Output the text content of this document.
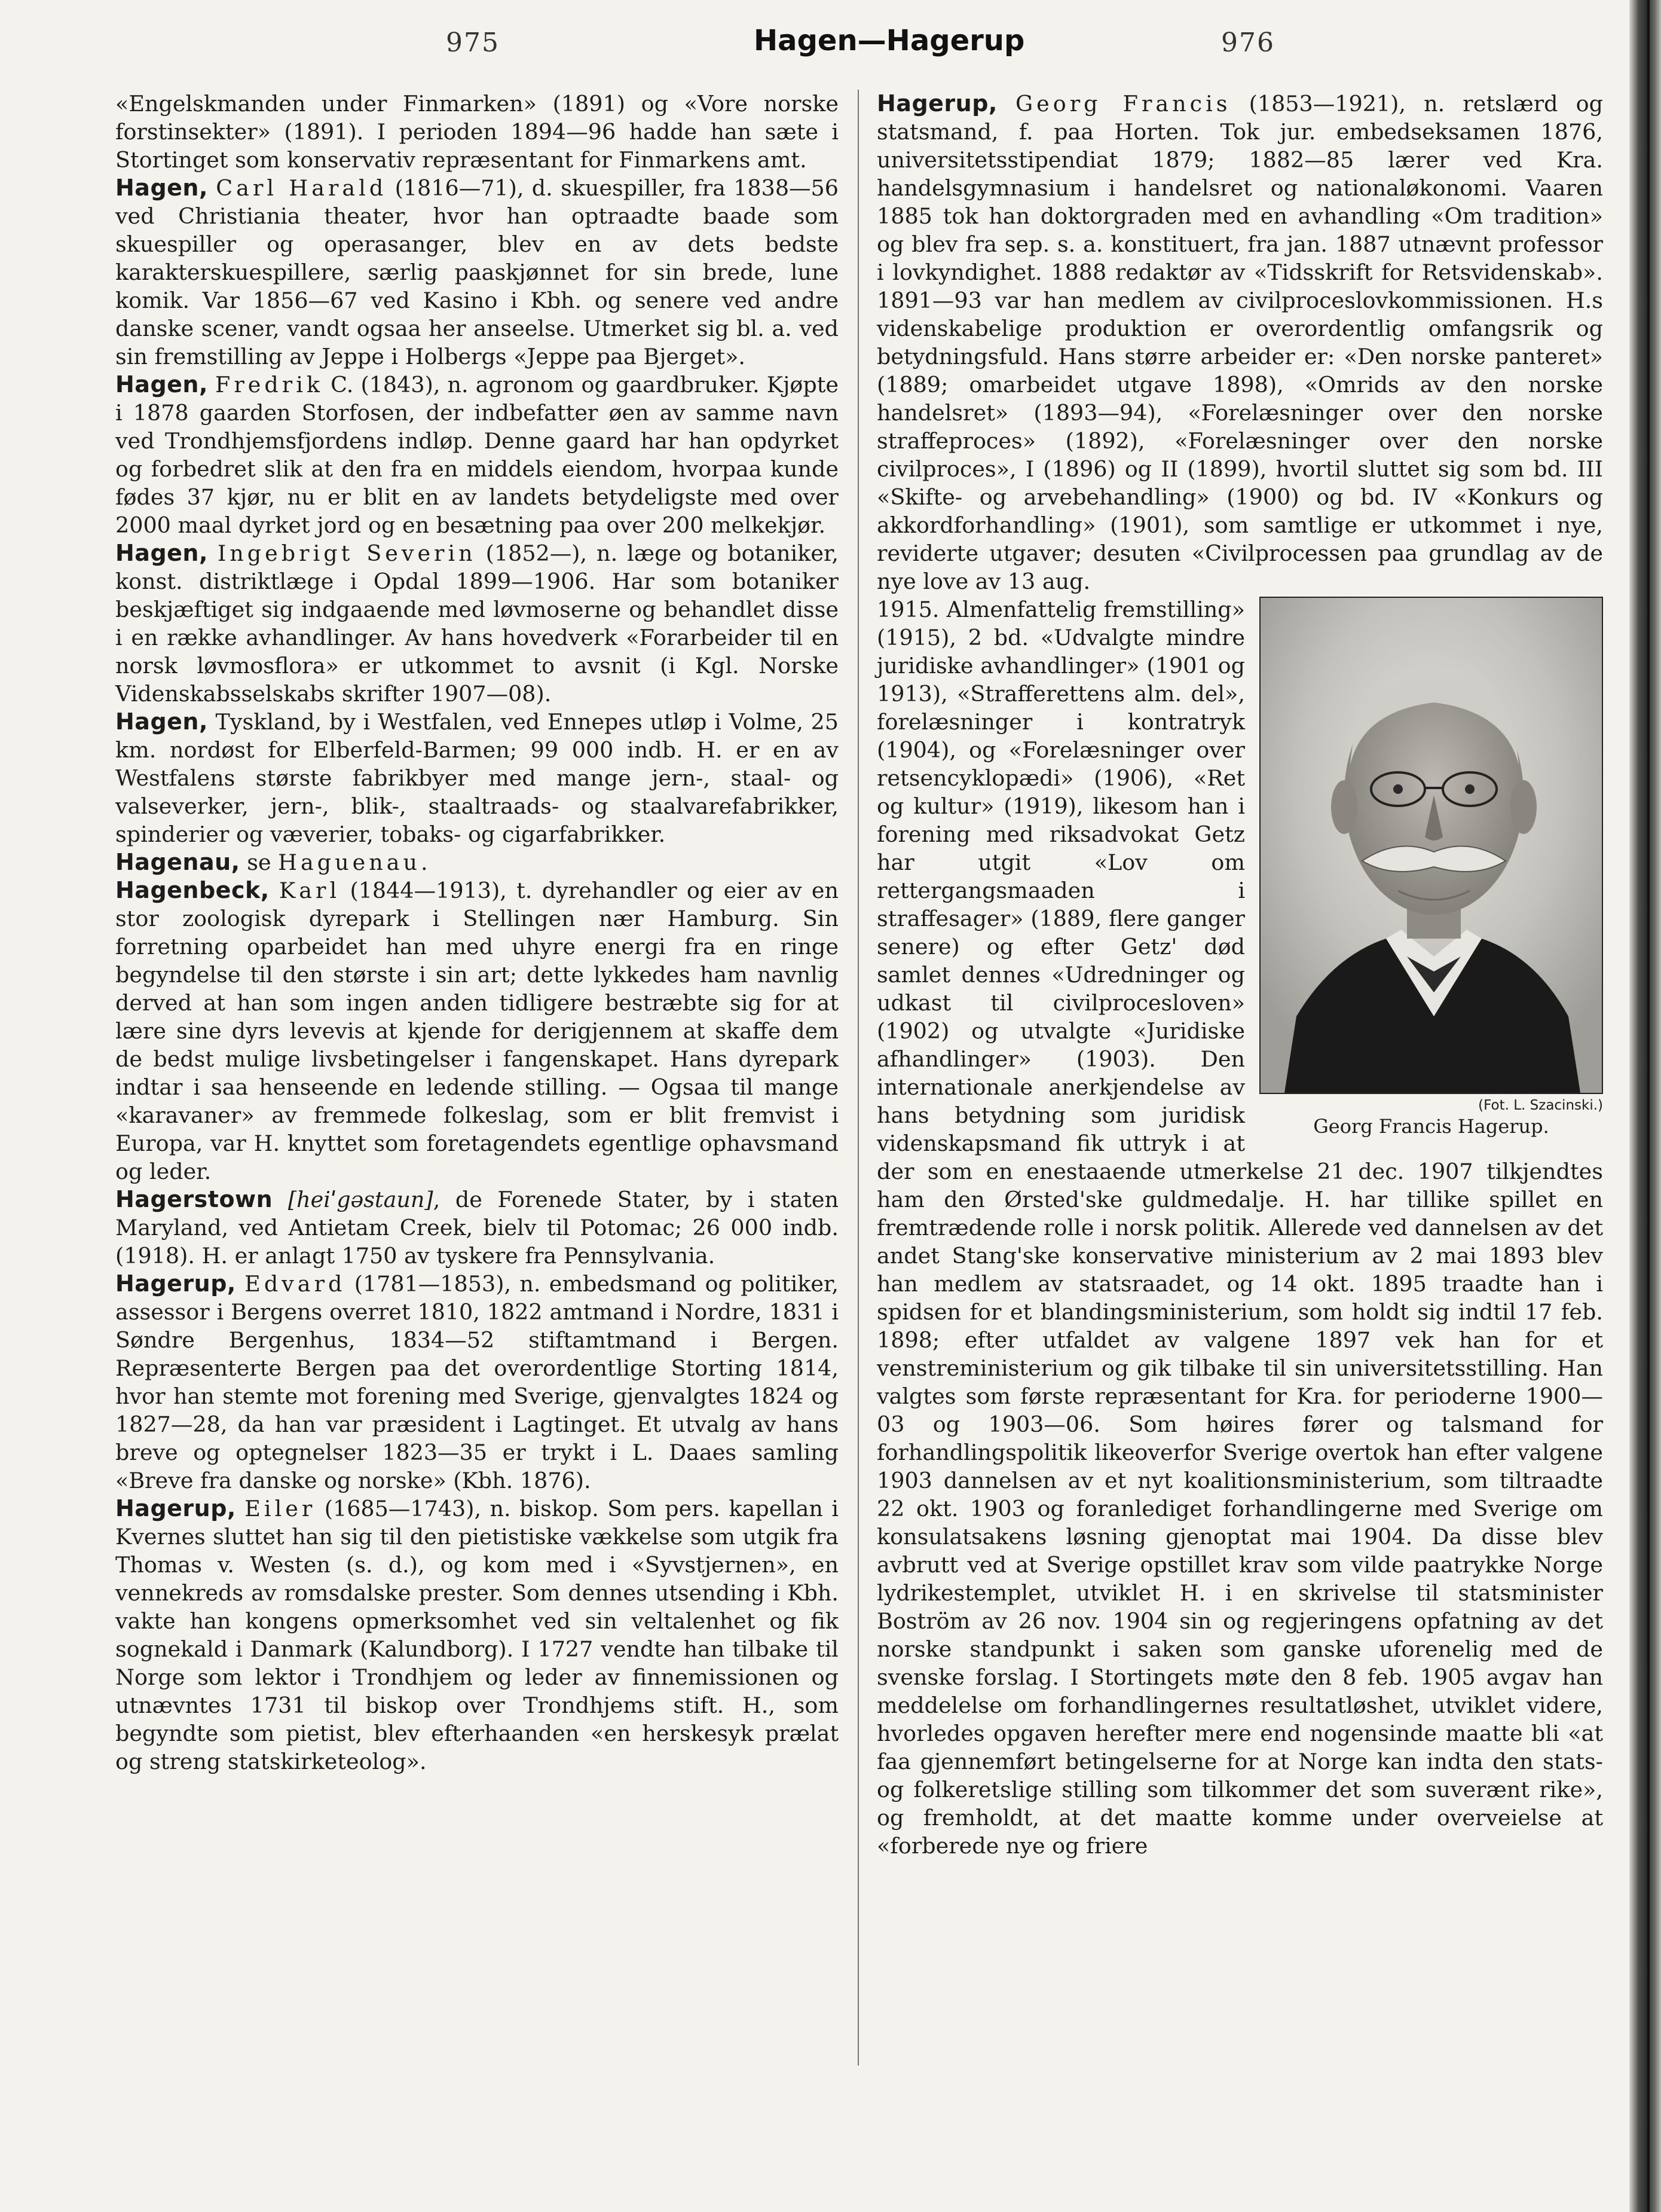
975	Hagen—Hagerup	976

«Engelskmanden under Finmarken» (1891) og «Vore norske forstinsekter» (1891). I perioden 1894—96 hadde han sæte i Stortinget som konservativ repræsentant for Finmarkens amt.

Hagen, Carl Harald (1816—71), d. skuespiller, fra 1838—56 ved Christiania theater, hvor han optraadte baade som skuespiller og operasanger, blev en av dets bedste karakterskuespillere, særlig paaskjønnet for sin brede, lune komik. Var 1856—67 ved Kasino i Kbh. og senere ved andre danske scener, vandt ogsaa her anseelse. Utmerket sig bl. a. ved sin fremstilling av Jeppe i Holbergs «Jeppe paa Bjerget».

Hagen, Fredrik C. (1843), n. agronom og gaardbruker. Kjøpte i 1878 gaarden Storfosen, der indbefatter øen av samme navn ved Trondhjemsfjordens indløp. Denne gaard har han opdyrket og forbedret slik at den fra en middels eiendom, hvorpaa kunde fødes 37 kjør, nu er blit en av landets betydeligste med over 2000 maal dyrket jord og en besætning paa over 200 melkekjør.

Hagen, Ingebrigt Severin (1852—), n. læge og botaniker, konst. distriktlæge i Opdal 1899—1906. Har som botaniker beskjæftiget sig indgaaende med løvmoserne og behandlet disse i en række avhandlinger. Av hans hovedverk «Forarbeider til en norsk løvmosflora» er utkommet to avsnit (i Kgl. Norske Videnskabsselskabs skrifter 1907—08).

Hagen, Tyskland, by i Westfalen, ved Ennepes utløp i Volme, 25 km. nordøst for Elberfeld-Barmen; 99 000 indb. H. er en av Westfalens største fabrikbyer med mange jern-, staal- og valseverker, jern-, blik-, staaltraads- og staalvarefabrikker, spinderier og væverier, tobaks- og cigarfabrikker.

Hagenau, se Haguenau.

Hagenbeck, Karl (1844—1913), t. dyrehandler og eier av en stor zoologisk dyrepark i Stellingen nær Hamburg. Sin forretning oparbeidet han med uhyre energi fra en ringe begyndelse til den største i sin art; dette lykkedes ham navnlig derved at han som ingen anden tidligere bestræbte sig for at lære sine dyrs levevis at kjende for derigjennem at skaffe dem de bedst mulige livsbetingelser i fangenskapet. Hans dyrepark indtar i saa henseende en ledende stilling. — Ogsaa til mange «karavaner» av fremmede folkeslag, som er blit fremvist i Europa, var H. knyttet som foretagendets egentlige ophavsmand og leder.

Hagerstown [heiˈgəstaun], de Forenede Stater, by i staten Maryland, ved Antietam Creek, bielv til Potomac; 26 000 indb. (1918). H. er anlagt 1750 av tyskere fra Pennsylvania.

Hagerup, Edvard (1781—1853), n. embedsmand og politiker, assessor i Bergens overret 1810, 1822 amtmand i Nordre, 1831 i Søndre Bergenhus, 1834—52 stiftamtmand i Bergen. Repræsenterte Bergen paa det overordentlige Storting 1814, hvor han stemte mot forening med Sverige, gjenvalgtes 1824 og 1827—28, da han var præsident i Lagtinget. Et utvalg av hans breve og optegnelser 1823—35 er trykt i L. Daaes samling «Breve fra danske og norske» (Kbh. 1876).

Hagerup, Eiler (1685—1743), n. biskop. Som pers. kapellan i Kvernes sluttet han sig til den pietistiske vækkelse som utgik fra Thomas v. Westen (s. d.), og kom med i «Syvstjernen», en vennekreds av romsdalske prester. Som dennes utsending i Kbh. vakte han kongens opmerksomhet ved sin veltalenhet og fik sognekald i Danmark (Kalundborg). I 1727 vendte han tilbake til Norge som lektor i Trondhjem og leder av finnemissionen og utnævntes 1731 til biskop over Trondhjems stift. H., som begyndte som pietist, blev efterhaanden «en herskesyk prælat og streng statskirketeolog».

Hagerup, Georg Francis (1853—1921), n. retslærd og statsmand, f. paa Horten. Tok jur. embedseksamen 1876, universitetsstipendiat 1879; 1882—85 lærer ved Kra. handelsgymnasium i handelsret og nationaløkonomi. Vaaren 1885 tok han doktorgraden med en avhandling «Om tradition» og blev fra sep. s. a. konstituert, fra jan. 1887 utnævnt professor i lovkyndighet. 1888 redaktør av «Tidsskrift for Retsvidenskab». 1891—93 var han medlem av civilproceslovkommissionen. H.s videnskabelige produktion er overordentlig omfangsrik og betydningsfuld. Hans større arbeider er: «Den norske panteret» (1889; omarbeidet utgave 1898), «Omrids av den norske handelsret» (1893—94), «Forelæsninger over den norske straffeproces» (1892), «Forelæsninger over den norske civilproces», I (1896) og II (1899), hvortil sluttet sig som bd. III «Skifte- og arvebehandling» (1900) og bd. IV «Konkurs og akkordforhandling» (1901), som samtlige er utkommet i nye, reviderte utgaver; desuten «Civilprocessen paa grundlag av de nye love av 13 aug.

(Fot. L. Szacinski.)
Georg Francis Hagerup.
1915. Almenfattelig fremstilling» (1915), 2 bd. «Udvalgte mindre juridiske avhandlinger» (1901 og 1913), «Strafferettens alm. del», forelæsninger i kontratryk (1904), og «Forelæsninger over retsencyklopædi» (1906), «Ret og kultur» (1919), likesom han i forening med riksadvokat Getz har utgit «Lov om rettergangsmaaden i straffesager» (1889, flere ganger senere) og efter Getz' død samlet dennes «Udredninger og udkast til civilprocesloven» (1902) og utvalgte «Juridiske afhandlinger» (1903). Den internationale anerkjendelse av hans betydning som juridisk videnskapsmand fik uttryk i at der som en enestaaende utmerkelse 21 dec. 1907 tilkjendtes ham den Ørsted'ske guldmedalje. H. har tillike spillet en fremtrædende rolle i norsk politik. Allerede ved dannelsen av det andet Stang'ske konservative ministerium av 2 mai 1893 blev han medlem av statsraadet, og 14 okt. 1895 traadte han i spidsen for et blandingsministerium, som holdt sig indtil 17 feb. 1898; efter utfaldet av valgene 1897 vek han for et venstreministerium og gik tilbake til sin universitetsstilling. Han valgtes som første repræsentant for Kra. for perioderne 1900—03 og 1903—06. Som høires fører og talsmand for forhandlingspolitik likeoverfor Sverige overtok han efter valgene 1903 dannelsen av et nyt koalitionsministerium, som tiltraadte 22 okt. 1903 og foranlediget forhandlingerne med Sverige om konsulatsakens løsning gjenoptat mai 1904. Da disse blev avbrutt ved at Sverige opstillet krav som vilde paatrykke Norge lydrikestemplet, utviklet H. i en skrivelse til statsminister Boström av 26 nov. 1904 sin og regjeringens opfatning av det norske standpunkt i saken som ganske uforenelig med de svenske forslag. I Stortingets møte den 8 feb. 1905 avgav han meddelelse om forhandlingernes resultatløshet, utviklet videre, hvorledes opgaven herefter mere end nogensinde maatte bli «at faa gjennemført betingelserne for at Norge kan indta den stats- og folkeretslige stilling som tilkommer det som suverænt rike», og fremholdt, at det maatte komme under overveielse at «forberede nye og friere
